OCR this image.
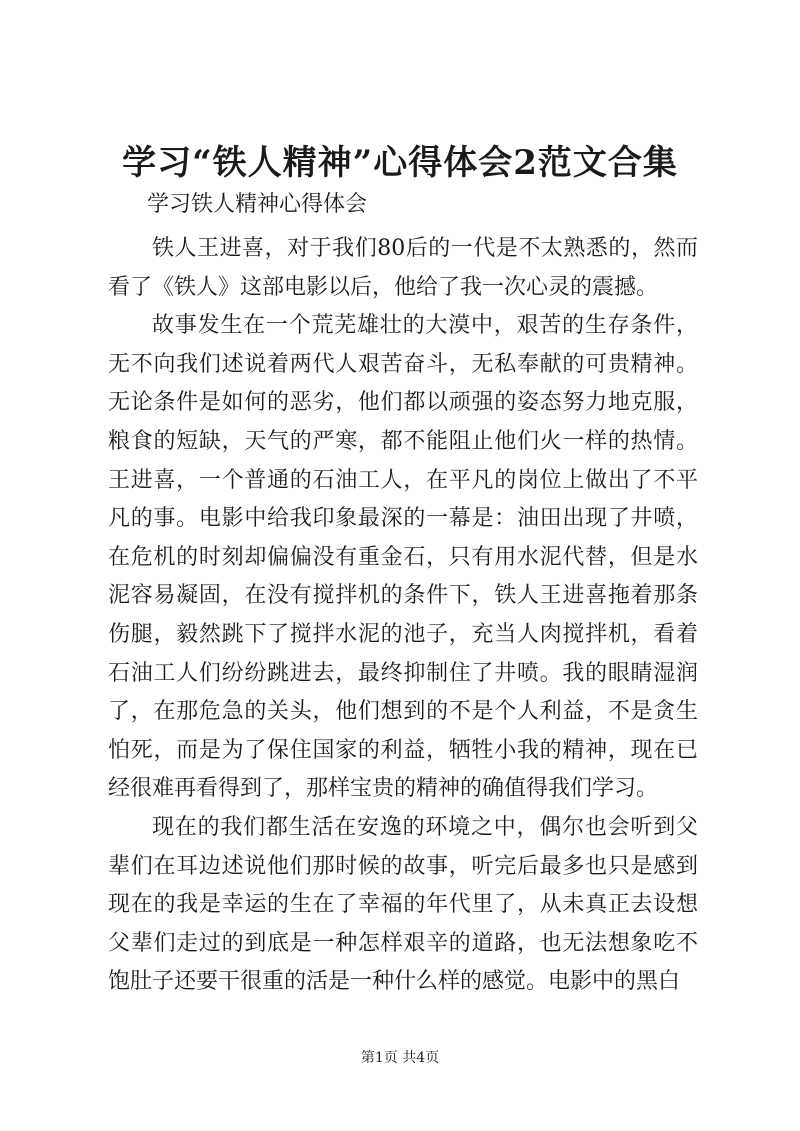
学习“铁人精神”心得体会2范文合集
学习铁人精神心得体会

铁人王进喜，对于我们80后的一代是不太熟悉的，然而看了《铁人》这部电影以后，他给了我一次心灵的震撼。

故事发生在一个荒芜雄壮的大漠中，艰苦的生存条件，无不向我们述说着两代人艰苦奋斗，无私奉献的可贵精神。无论条件是如何的恶劣，他们都以顽强的姿态努力地克服，粮食的短缺，天气的严寒，都不能阻止他们火一样的热情。王进喜，一个普通的石油工人，在平凡的岗位上做出了不平凡的事。电影中给我印象最深的一幕是：油田出现了井喷，在危机的时刻却偏偏没有重金石，只有用水泥代替，但是水泥容易凝固，在没有搅拌机的条件下，铁人王进喜拖着那条伤腿，毅然跳下了搅拌水泥的池子，充当人肉搅拌机，看着石油工人们纷纷跳进去，最终抑制住了井喷。我的眼睛湿润了，在那危急的关头，他们想到的不是个人利益，不是贪生怕死，而是为了保住国家的利益，牺牲小我的精神，现在已经很难再看得到了，那样宝贵的精神的确值得我们学习。

现在的我们都生活在安逸的环境之中，偶尔也会听到父辈们在耳边述说他们那时候的故事，听完后最多也只是感到现在的我是幸运的生在了幸福的年代里了，从未真正去设想父辈们走过的到底是一种怎样艰辛的道路，也无法想象吃不饱肚子还要干很重的活是一种什么样的感觉。电影中的黑白

第1页 共4页
